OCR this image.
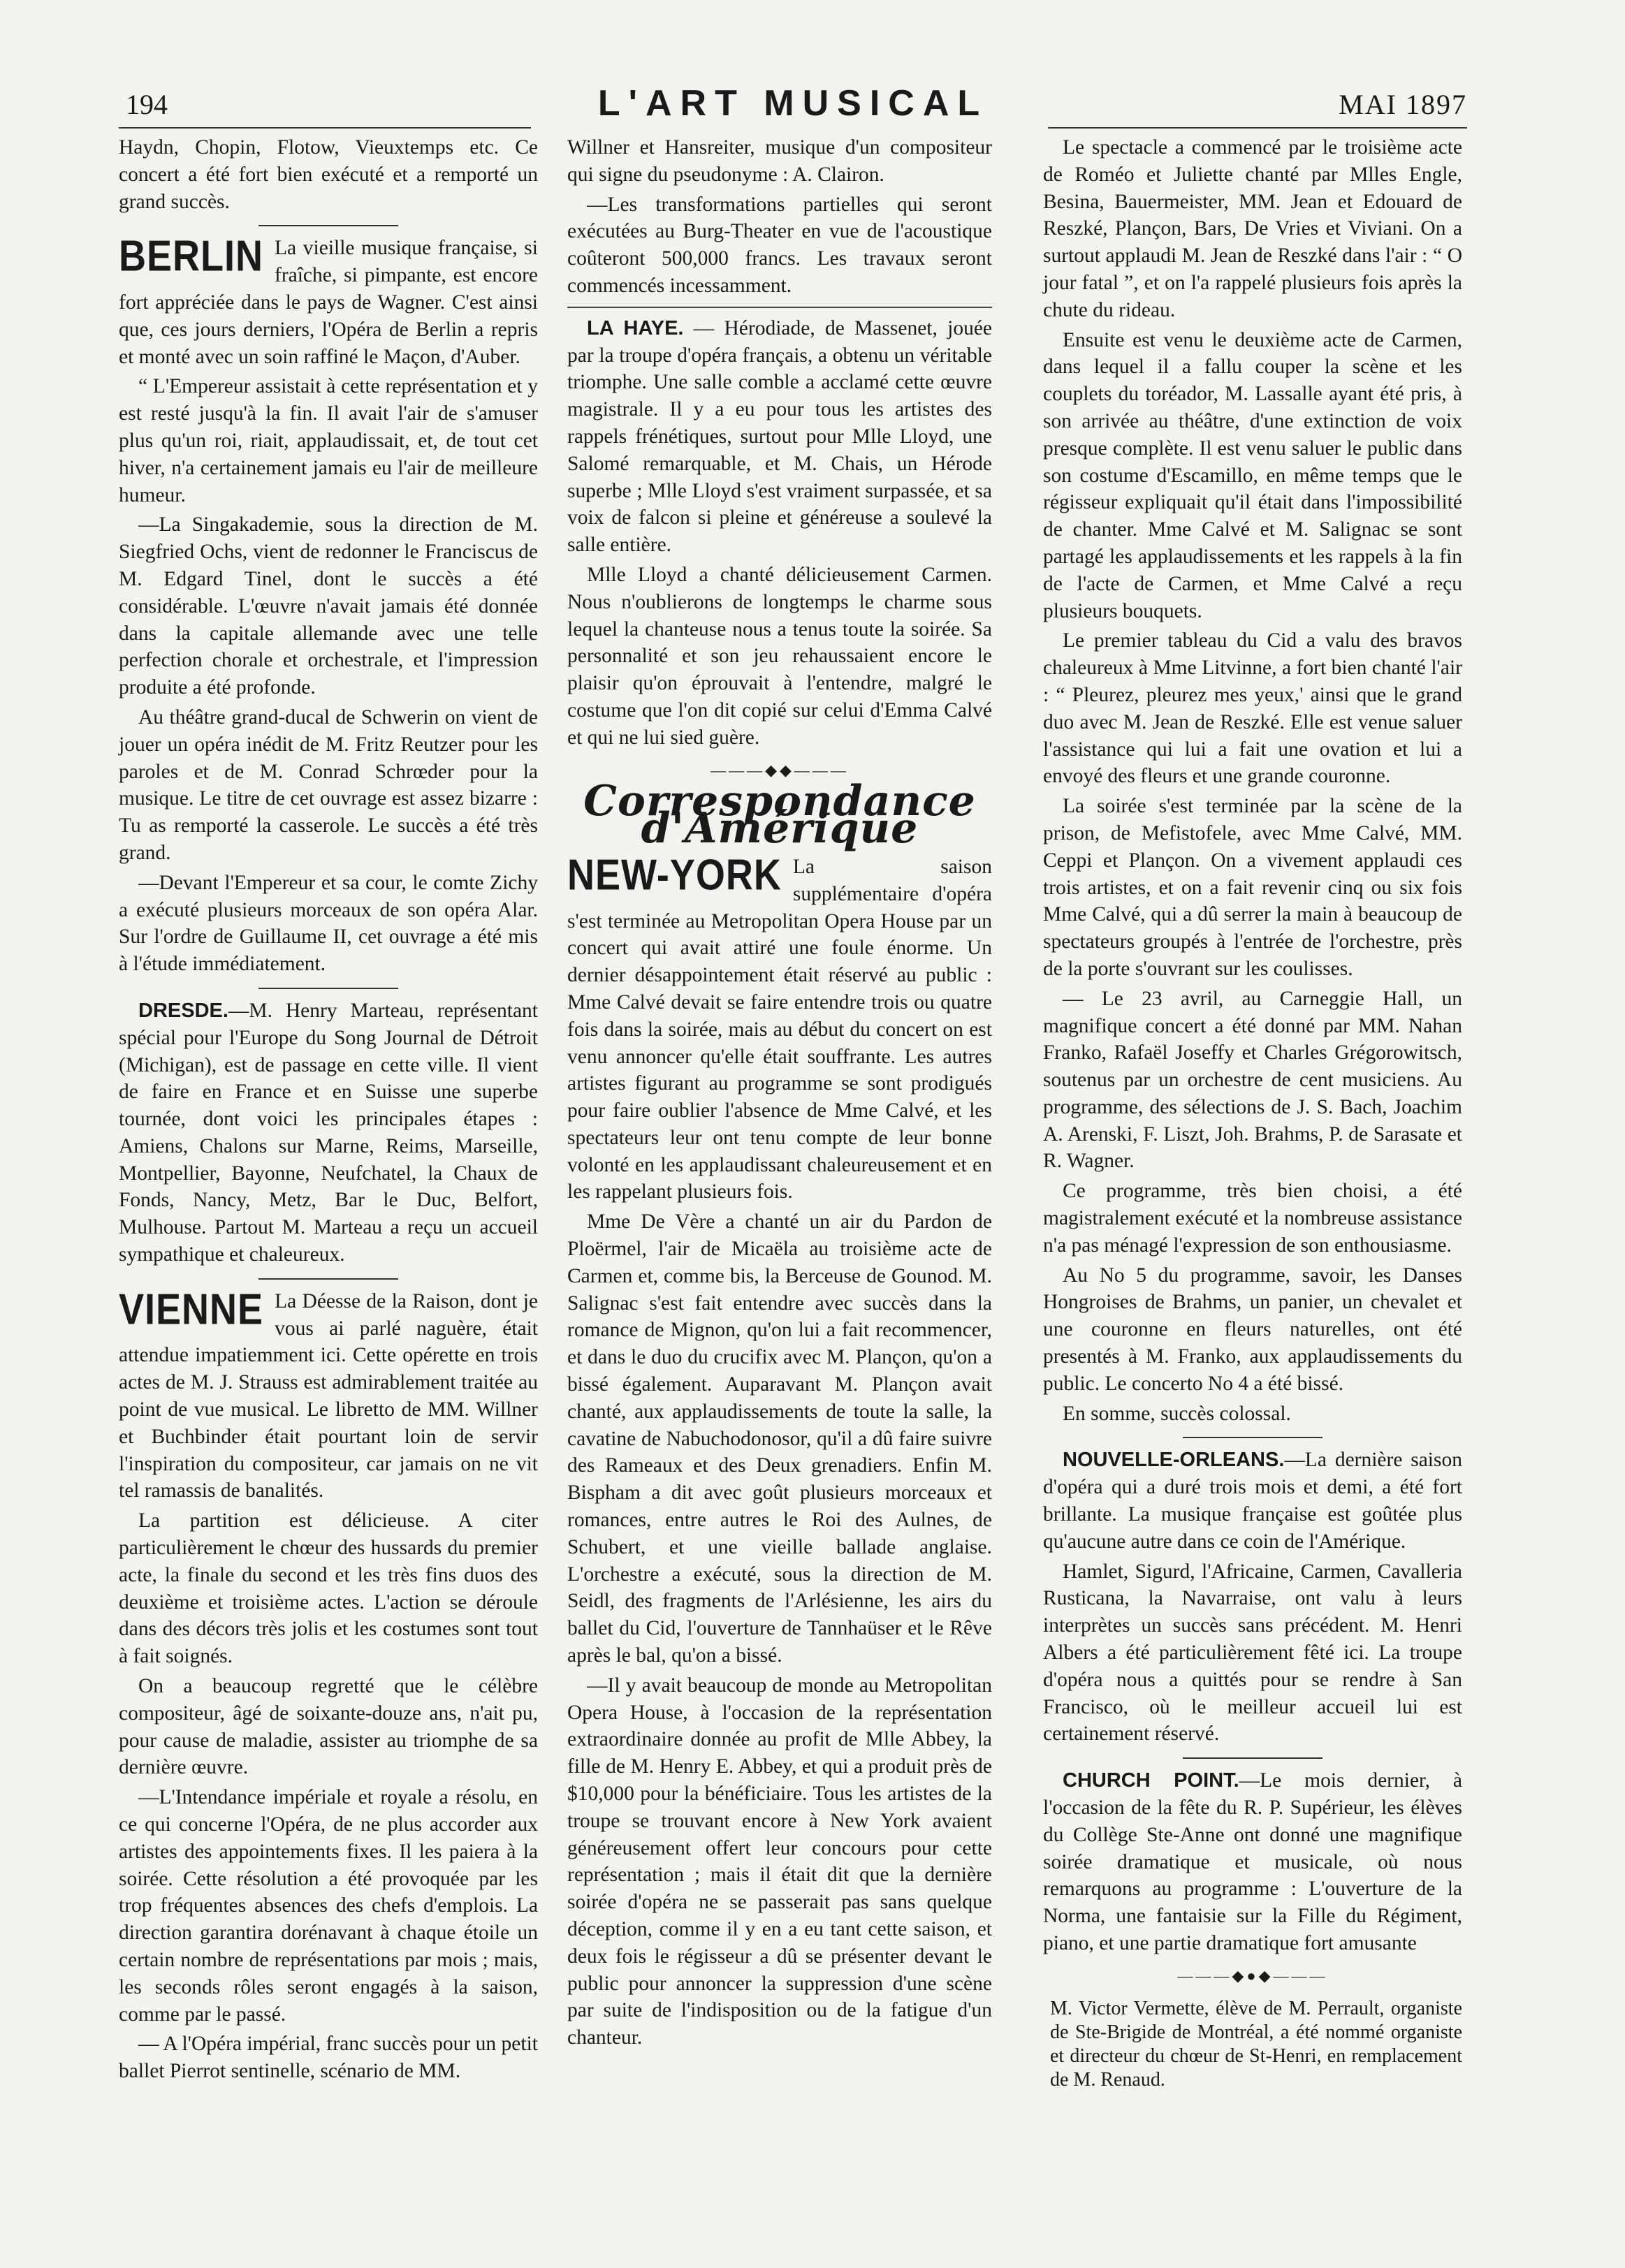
194	L'ART MUSICAL	MAI 1897

Haydn, Chopin, Flotow, Vieuxtemps etc. Ce concert a été fort bien exécuté et a remporté un grand succès.

BERLIN La vieille musique française, si fraîche, si pimpante, est encore fort appréciée dans le pays de Wagner. C'est ainsi que, ces jours derniers, l'Opéra de Berlin a repris et monté avec un soin raffiné le Maçon, d'Auber.

“ L'Empereur assistait à cette représentation et y est resté jusqu'à la fin. Il avait l'air de s'amuser plus qu'un roi, riait, applaudissait, et, de tout cet hiver, n'a certainement jamais eu l'air de meilleure humeur.

—La Singakademie, sous la direction de M. Siegfried Ochs, vient de redonner le Franciscus de M. Edgard Tinel, dont le succès a été considérable. L'œuvre n'avait jamais été donnée dans la capitale allemande avec une telle perfection chorale et orchestrale, et l'impression produite a été profonde.

Au théâtre grand-ducal de Schwerin on vient de jouer un opéra inédit de M. Fritz Reutzer pour les paroles et de M. Conrad Schrœder pour la musique. Le titre de cet ouvrage est assez bizarre : Tu as remporté la casserole. Le succès a été très grand.

—Devant l'Empereur et sa cour, le comte Zichy a exécuté plusieurs morceaux de son opéra Alar. Sur l'ordre de Guillaume II, cet ouvrage a été mis à l'étude immédiatement.

DRESDE.—M. Henry Marteau, représentant spécial pour l'Europe du Song Journal de Détroit (Michigan), est de passage en cette ville. Il vient de faire en France et en Suisse une superbe tournée, dont voici les principales étapes : Amiens, Chalons sur Marne, Reims, Marseille, Montpellier, Bayonne, Neufchatel, la Chaux de Fonds, Nancy, Metz, Bar le Duc, Belfort, Mulhouse. Partout M. Marteau a reçu un accueil sympathique et chaleureux.

VIENNE La Déesse de la Raison, dont je vous ai parlé naguère, était attendue impatiemment ici. Cette opérette en trois actes de M. J. Strauss est admirablement traitée au point de vue musical. Le libretto de MM. Willner et Buchbinder était pourtant loin de servir l'inspiration du compositeur, car jamais on ne vit tel ramassis de banalités.

La partition est délicieuse. A citer particulièrement le chœur des hussards du premier acte, la finale du second et les très fins duos des deuxième et troisième actes. L'action se déroule dans des décors très jolis et les costumes sont tout à fait soignés.

On a beaucoup regretté que le célèbre compositeur, âgé de soixante-douze ans, n'ait pu, pour cause de maladie, assister au triomphe de sa dernière œuvre.

—L'Intendance impériale et royale a résolu, en ce qui concerne l'Opéra, de ne plus accorder aux artistes des appointements fixes. Il les paiera à la soirée. Cette résolution a été provoquée par les trop fréquentes absences des chefs d'emplois. La direction garantira dorénavant à chaque étoile un certain nombre de représentations par mois ; mais, les seconds rôles seront engagés à la saison, comme par le passé.

— A l'Opéra impérial, franc succès pour un petit ballet Pierrot sentinelle, scénario de MM.

Willner et Hansreiter, musique d'un compositeur qui signe du pseudonyme : A. Clairon.

—Les transformations partielles qui seront exécutées au Burg-Theater en vue de l'acoustique coûteront 500,000 francs. Les travaux seront commencés incessamment.

LA HAYE. — Hérodiade, de Massenet, jouée par la troupe d'opéra français, a obtenu un véritable triomphe. Une salle comble a acclamé cette œuvre magistrale. Il y a eu pour tous les artistes des rappels frénétiques, surtout pour Mlle Lloyd, une Salomé remarquable, et M. Chais, un Hérode superbe ; Mlle Lloyd s'est vraiment surpassée, et sa voix de falcon si pleine et généreuse a soulevé la salle entière.

Mlle Lloyd a chanté délicieusement Carmen. Nous n'oublierons de longtemps le charme sous lequel la chanteuse nous a tenus toute la soirée. Sa personnalité et son jeu rehaussaient encore le plaisir qu'on éprouvait à l'entendre, malgré le costume que l'on dit copié sur celui d'Emma Calvé et qui ne lui sied guère.

———◆◆———
Correspondance d'Amérique

NEW-YORK La saison supplémentaire d'opéra s'est terminée au Metropolitan Opera House par un concert qui avait attiré une foule énorme. Un dernier désappointement était réservé au public : Mme Calvé devait se faire entendre trois ou quatre fois dans la soirée, mais au début du concert on est venu annoncer qu'elle était souffrante. Les autres artistes figurant au programme se sont prodigués pour faire oublier l'absence de Mme Calvé, et les spectateurs leur ont tenu compte de leur bonne volonté en les applaudissant chaleureusement et en les rappelant plusieurs fois.

Mme De Vère a chanté un air du Pardon de Ploërmel, l'air de Micaëla au troisième acte de Carmen et, comme bis, la Berceuse de Gounod. M. Salignac s'est fait entendre avec succès dans la romance de Mignon, qu'on lui a fait recommencer, et dans le duo du crucifix avec M. Plançon, qu'on a bissé également. Auparavant M. Plançon avait chanté, aux applaudissements de toute la salle, la cavatine de Nabuchodonosor, qu'il a dû faire suivre des Rameaux et des Deux grenadiers. Enfin M. Bispham a dit avec goût plusieurs morceaux et romances, entre autres le Roi des Aulnes, de Schubert, et une vieille ballade anglaise. L'orchestre a exécuté, sous la direction de M. Seidl, des fragments de l'Arlésienne, les airs du ballet du Cid, l'ouverture de Tannhaüser et le Rêve après le bal, qu'on a bissé.

—Il y avait beaucoup de monde au Metropolitan Opera House, à l'occasion de la représentation extraordinaire donnée au profit de Mlle Abbey, la fille de M. Henry E. Abbey, et qui a produit près de $10,000 pour la bénéficiaire. Tous les artistes de la troupe se trouvant encore à New York avaient généreusement offert leur concours pour cette représentation ; mais il était dit que la dernière soirée d'opéra ne se passerait pas sans quelque déception, comme il y en a eu tant cette saison, et deux fois le régisseur a dû se présenter devant le public pour annoncer la suppression d'une scène par suite de l'indisposition ou de la fatigue d'un chanteur.

Le spectacle a commencé par le troisième acte de Roméo et Juliette chanté par Mlles Engle, Besina, Bauermeister, MM. Jean et Edouard de Reszké, Plançon, Bars, De Vries et Viviani. On a surtout applaudi M. Jean de Reszké dans l'air : “ O jour fatal ”, et on l'a rappelé plusieurs fois après la chute du rideau.

Ensuite est venu le deuxième acte de Carmen, dans lequel il a fallu couper la scène et les couplets du toréador, M. Lassalle ayant été pris, à son arrivée au théâtre, d'une extinction de voix presque complète. Il est venu saluer le public dans son costume d'Escamillo, en même temps que le régisseur expliquait qu'il était dans l'impossibilité de chanter. Mme Calvé et M. Salignac se sont partagé les applaudissements et les rappels à la fin de l'acte de Carmen, et Mme Calvé a reçu plusieurs bouquets.

Le premier tableau du Cid a valu des bravos chaleureux à Mme Litvinne, a fort bien chanté l'air : “ Pleurez, pleurez mes yeux,' ainsi que le grand duo avec M. Jean de Reszké. Elle est venue saluer l'assistance qui lui a fait une ovation et lui a envoyé des fleurs et une grande couronne.

La soirée s'est terminée par la scène de la prison, de Mefistofele, avec Mme Calvé, MM. Ceppi et Plançon. On a vivement applaudi ces trois artistes, et on a fait revenir cinq ou six fois Mme Calvé, qui a dû serrer la main à beaucoup de spectateurs groupés à l'entrée de l'orchestre, près de la porte s'ouvrant sur les coulisses.

— Le 23 avril, au Carneggie Hall, un magnifique concert a été donné par MM. Nahan Franko, Rafaël Joseffy et Charles Grégorowitsch, soutenus par un orchestre de cent musiciens. Au programme, des sélections de J. S. Bach, Joachim A. Arenski, F. Liszt, Joh. Brahms, P. de Sarasate et R. Wagner.

Ce programme, très bien choisi, a été magistralement exécuté et la nombreuse assistance n'a pas ménagé l'expression de son enthousiasme.

Au No 5 du programme, savoir, les Danses Hongroises de Brahms, un panier, un chevalet et une couronne en fleurs naturelles, ont été presentés à M. Franko, aux applaudissements du public. Le concerto No 4 a été bissé.

En somme, succès colossal.

NOUVELLE-ORLEANS.—La dernière saison d'opéra qui a duré trois mois et demi, a été fort brillante. La musique française est goûtée plus qu'aucune autre dans ce coin de l'Amérique.

Hamlet, Sigurd, l'Africaine, Carmen, Cavalleria Rusticana, la Navarraise, ont valu à leurs interprètes un succès sans précédent. M. Henri Albers a été particulièrement fêté ici. La troupe d'opéra nous a quittés pour se rendre à San Francisco, où le meilleur accueil lui est certainement réservé.

CHURCH POINT.—Le mois dernier, à l'occasion de la fête du R. P. Supérieur, les élèves du Collège Ste-Anne ont donné une magnifique soirée dramatique et musicale, où nous remarquons au programme : L'ouverture de la Norma, une fantaisie sur la Fille du Régiment, piano, et une partie dramatique fort amusante

———◆●◆———
M. Victor Vermette, élève de M. Perrault, organiste de Ste-Brigide de Montréal, a été nommé organiste et directeur du chœur de St-Henri, en remplacement de M. Renaud.
